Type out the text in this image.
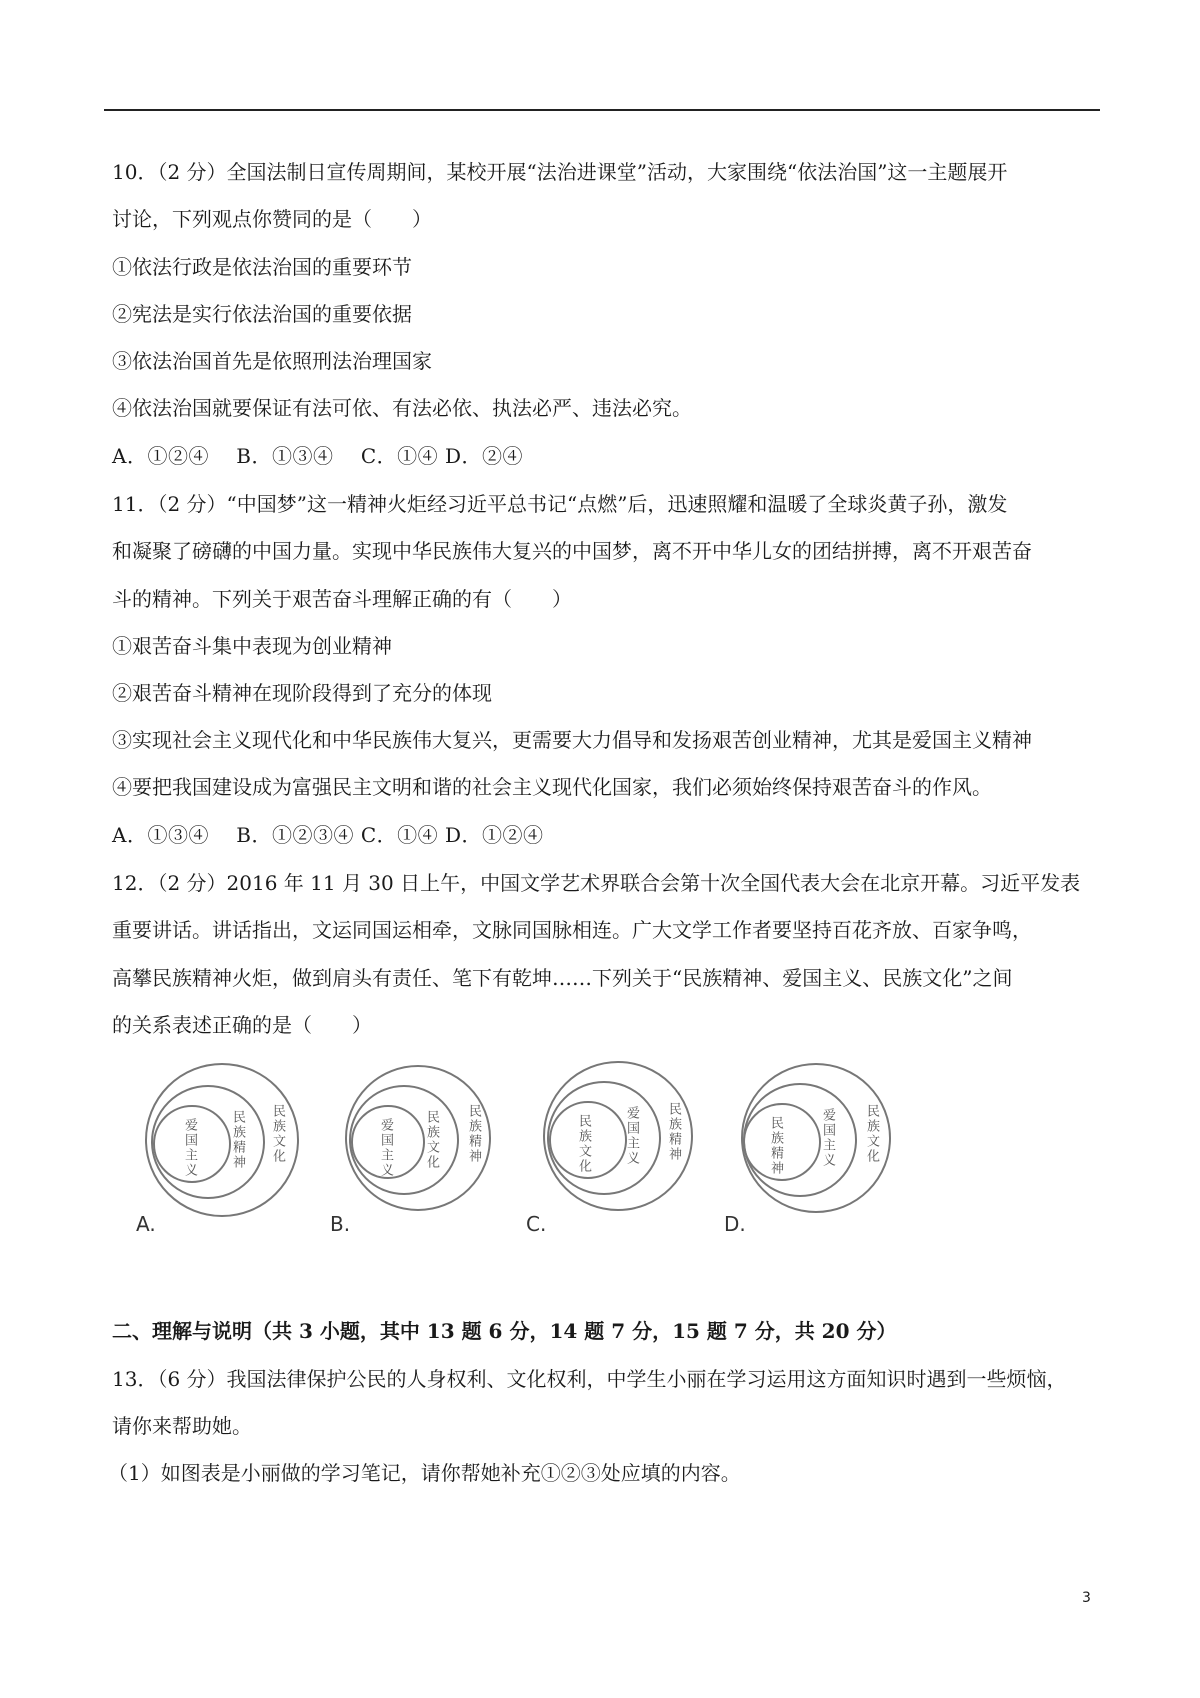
10．（2 分）全国法制日宣传周期间，某校开展“法治进课堂”活动，大家围绕“依法治国”这一主题展开
讨论，下列观点你赞同的是（　　）
①依法行政是依法治国的重要环节
②宪法是实行依法治国的重要依据
③依法治国首先是依照刑法治理国家
④依法治国就要保证有法可依、有法必依、执法必严、违法必究。
A．①②④　 B．①③④　 C．①④ D．②④
11．（2 分）“中国梦”这一精神火炬经习近平总书记“点燃”后，迅速照耀和温暖了全球炎黄子孙，激发
和凝聚了磅礴的中国力量。实现中华民族伟大复兴的中国梦，离不开中华儿女的团结拼搏，离不开艰苦奋
斗的精神。下列关于艰苦奋斗理解正确的有（　　）
①艰苦奋斗集中表现为创业精神
②艰苦奋斗精神在现阶段得到了充分的体现
③实现社会主义现代化和中华民族伟大复兴，更需要大力倡导和发扬艰苦创业精神，尤其是爱国主义精神
④要把我国建设成为富强民主文明和谐的社会主义现代化国家，我们必须始终保持艰苦奋斗的作风。
A．①③④　 B．①②③④ C．①④ D．①②④
12．（2 分）2016 年 11 月 30 日上午，中国文学艺术界联合会第十次全国代表大会在北京开幕。习近平发表
重要讲话。讲话指出，文运同国运相牵，文脉同国脉相连。广大文学工作者要坚持百花齐放、百家争鸣，
高攀民族精神火炬，做到肩头有责任、笔下有乾坤……下列关于“民族精神、爱国主义、民族文化”之间
的关系表述正确的是（　　）
爱国主义	民族精神 民族文化
A.
爱国主义 民族文化 民族精神
B.
民族文化	爱国主义 民族精神
C.
民族精神	爱国主义 民族文化
D.
二、理解与说明（共 3 小题，其中 13 题 6 分，14 题 7 分，15 题 7 分，共 20 分）
13．（6 分）我国法律保护公民的人身权利、文化权利，中学生小丽在学习运用这方面知识时遇到一些烦恼，
请你来帮助她。
（1）如图表是小丽做的学习笔记，请你帮她补充①②③处应填的内容。
3
